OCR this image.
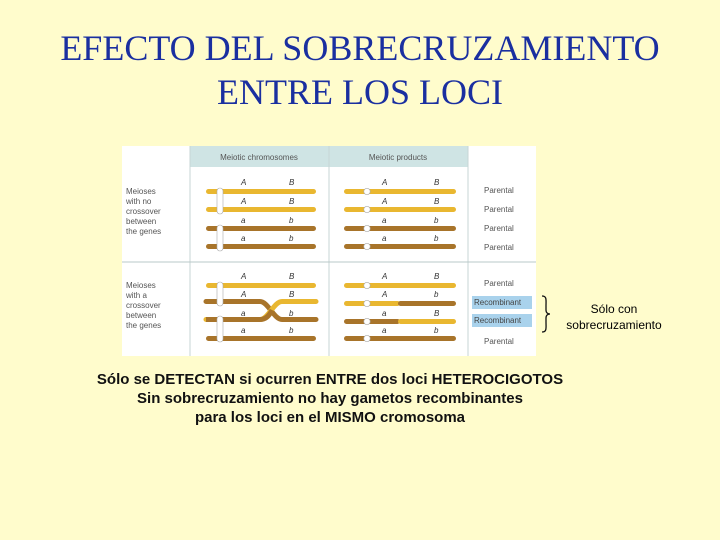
EFECTO DEL SOBRECRUZAMIENTO
ENTRE LOS LOCI
Meiotic chromosomes	Meiotic products
Meioses with no crossover between the genes
A
A
a
a
B
B
b
b
A
A
a
a
B
B
b
b
Parental
Parental
Parental
Parental
Meioses with a crossover between the genes
A
A
a
a
B
B
b
b
A
A
a
a
B
b
B
b
Parental
Recombinant
Recombinant
Parental
Sólo con sobrecruzamiento
Sólo se DETECTAN si ocurren ENTRE dos loci HETEROCIGOTOS
Sin sobrecruzamiento no hay gametos recombinantes
para los loci en el MISMO cromosoma
